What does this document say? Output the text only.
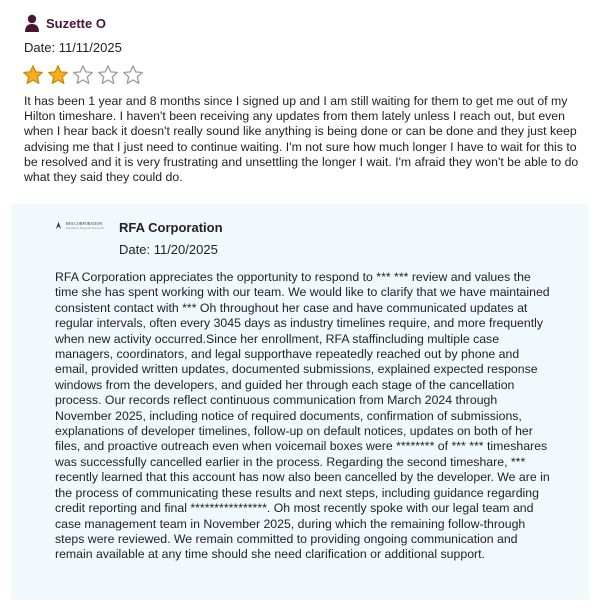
Suzette O
Date: 11/11/2025

It has been 1 year and 8 months since I signed up and I am still waiting for them to get me out of my Hilton timeshare. I haven't been receiving any updates from them lately unless I reach out, but even when I hear back it doesn't really sound like anything is being done or can be done and they just keep advising me that I just need to continue waiting. I'm not sure how much longer I have to wait for this to be resolved and it is very frustrating and unsettling the longer I wait. I'm afraid they won't be able to do what they said they could do.

RFA CORPORATION
Resolution Financial Advocates RFA Corporation
Date: 11/20/2025

RFA Corporation appreciates the opportunity to respond to *** *** review and values the time she has spent working with our team. We would like to clarify that we have maintained consistent contact with *** Oh throughout her case and have communicated updates at regular intervals, often every 3045 days as industry timelines require, and more frequently when new activity occurred.Since her enrollment, RFA staffincluding multiple case managers, coordinators, and legal supporthave repeatedly reached out by phone and email, provided written updates, documented submissions, explained expected response windows from the developers, and guided her through each stage of the cancellation process. Our records reflect continuous communication from March 2024 through November 2025, including notice of required documents, confirmation of submissions, explanations of developer timelines, follow-up on default notices, updates on both of her files, and proactive outreach even when voicemail boxes were ******** of *** *** timeshares was successfully cancelled earlier in the process. Regarding the second timeshare, *** recently learned that this account has now also been cancelled by the developer. We are in the process of communicating these results and next steps, including guidance regarding credit reporting and final ****************. Oh most recently spoke with our legal team and case management team in November 2025, during which the remaining follow-through steps were reviewed. We remain committed to providing ongoing communication and remain available at any time should she need clarification or additional support.
